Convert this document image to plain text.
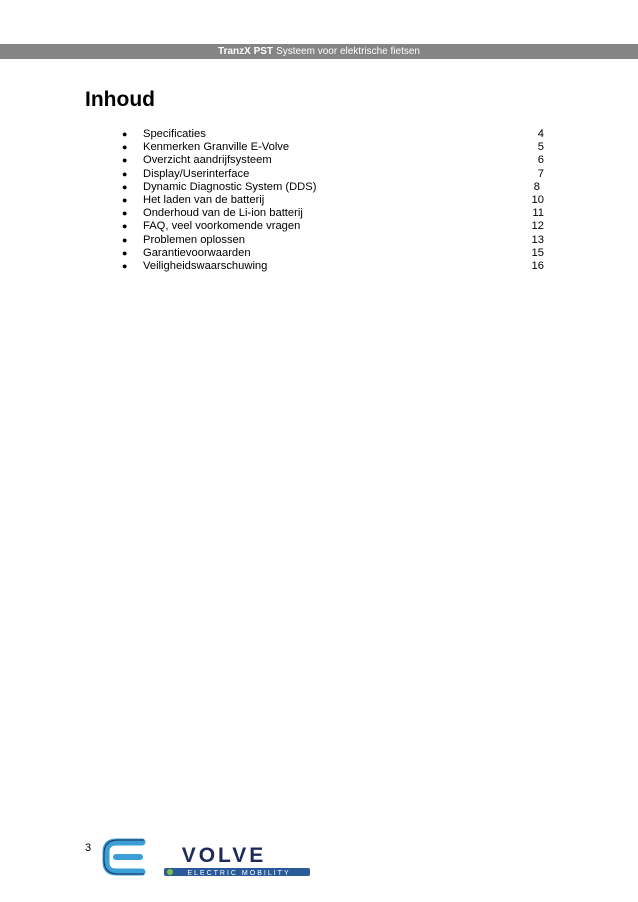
TranzX PST Systeem voor elektrische fietsen
Inhoud
●	Specificaties	4
●	Kenmerken Granville E-Volve	5
●	Overzicht aandrijfsysteem	6
●	Display/Userinterface	7
●	Dynamic Diagnostic System (DDS)	8
●	Het laden van de batterij	10
●	Onderhoud van de Li-ion batterij	11
●	FAQ, veel voorkomende vragen	12
●	Problemen oplossen	13
●	Garantievoorwaarden	15
●	Veiligheidswaarschuwing	16
3	VOLVE
ELECTRIC MOBILITY
